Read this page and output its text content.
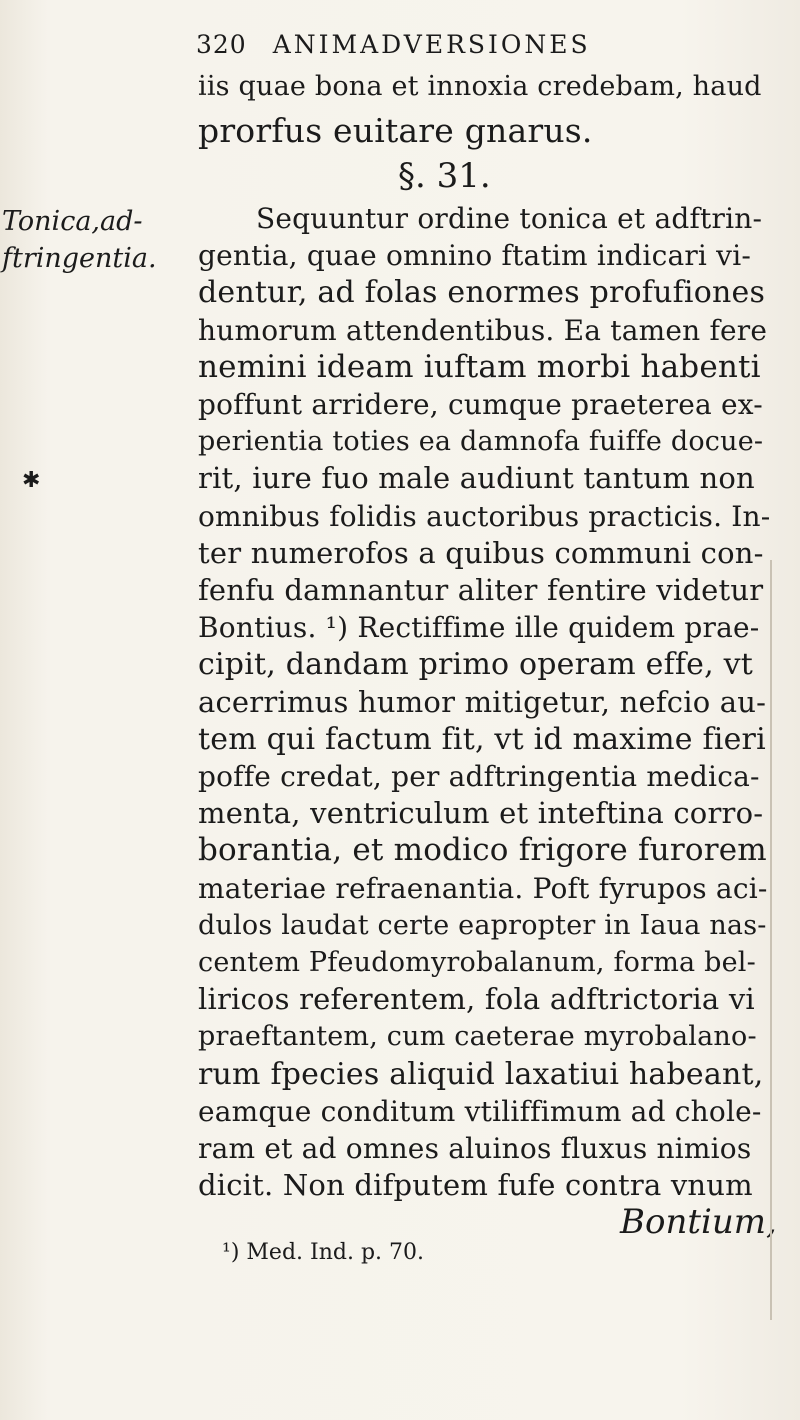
320 ANIMADVERSIONES
iis quae bona et innoxia credebam, haud
prorfus euitare gnarus.
§. 31.
Tonica,ad-
ftringentia.
✱
Sequuntur ordine tonica et adftrin-
gentia, quae omnino ftatim indicari vi-
dentur, ad folas enormes profufiones
humorum attendentibus. Ea tamen fere
nemini ideam iuftam morbi habenti
poffunt arridere, cumque praeterea ex-
perientia toties ea damnofa fuiffe docue-
rit, iure fuo male audiunt tantum non
omnibus folidis auctoribus practicis. In-
ter numerofos a quibus communi con-
fenfu damnantur aliter fentire videtur
Bontius. ¹) Rectiffime ille quidem prae-
cipit, dandam primo operam effe, vt
acerrimus humor mitigetur, nefcio au-
tem qui factum fit, vt id maxime fieri
poffe credat, per adftringentia medica-
menta, ventriculum et inteftina corro-
borantia, et modico frigore furorem
materiae refraenantia. Poft fyrupos aci-
dulos laudat certe eapropter in Iaua nas-
centem Pfeudomyrobalanum, forma bel-
liricos referentem, fola adftrictoria vi
praeftantem, cum caeterae myrobalano-
rum fpecies aliquid laxatiui habeant,
eamque conditum vtiliffimum ad chole-
ram et ad omnes aluinos fluxus nimios
dicit. Non difputem fufe contra vnum
Bontium,
¹) Med. Ind. p. 70.
